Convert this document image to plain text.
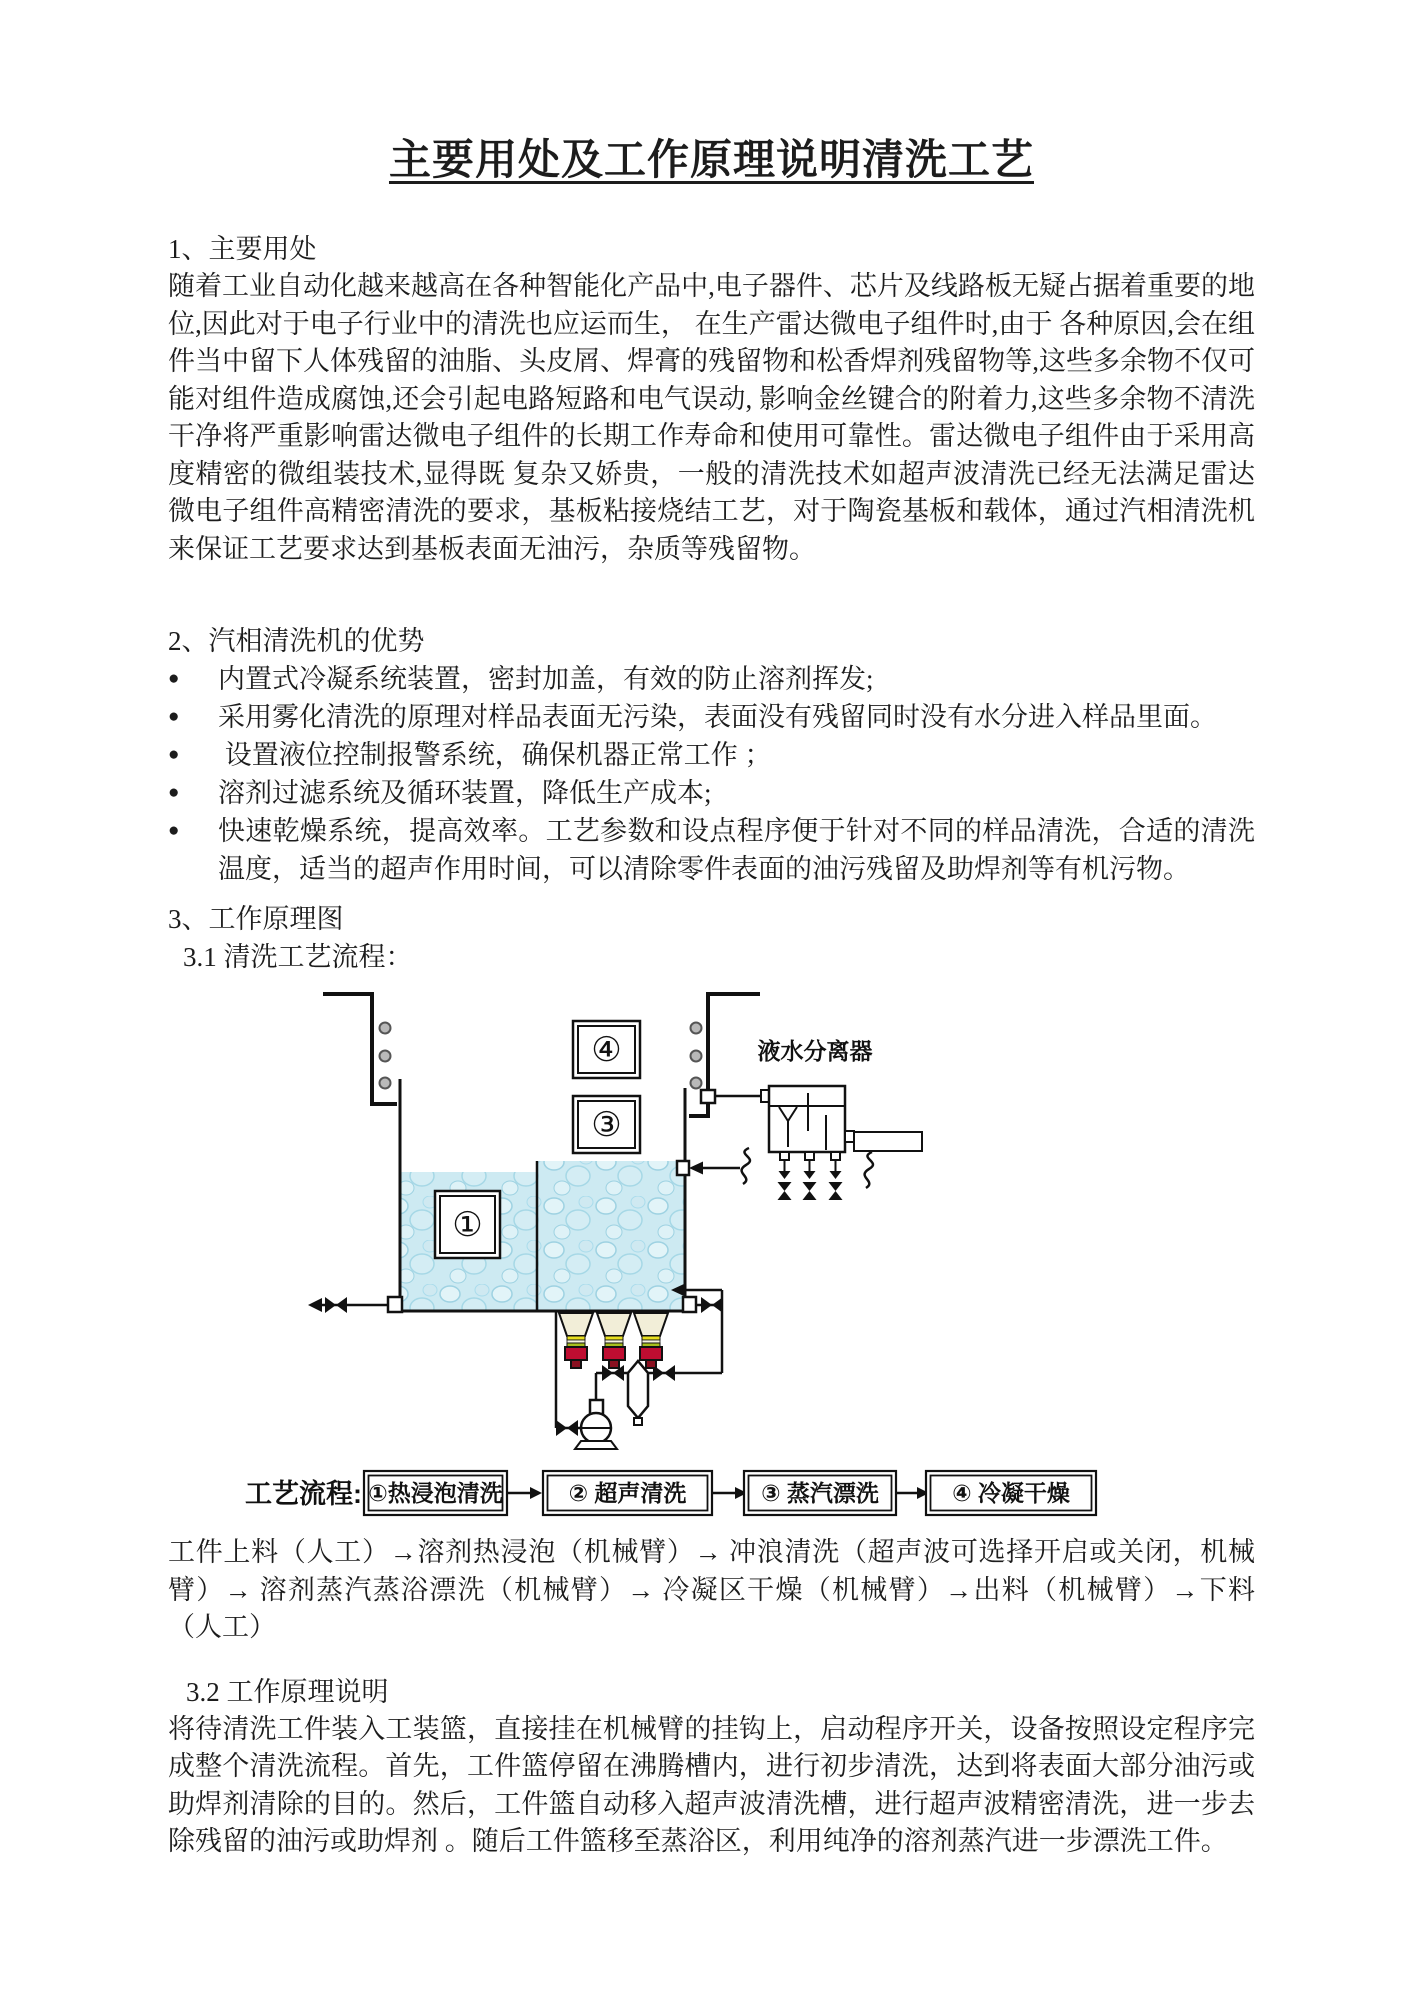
主要用处及工作原理说明清洗工艺
1、主要用处

随着工业自动化越来越高在各种智能化产品中,电子器件、芯片及线路板无疑占据着重要的地位,因此对于电子行业中的清洗也应运而生， 在生产雷达微电子组件时,由于 各种原因,会在组件当中留下人体残留的油脂、头皮屑、焊膏的残留物和松香焊剂残留物等,这些多余物不仅可能对组件造成腐蚀,还会引起电路短路和电气误动, 影响金丝键合的附着力,这些多余物不清洗干净将严重影响雷达微电子组件的长期工作寿命和使用可靠性。雷达微电子组件由于采用高度精密的微组装技术,显得既 复杂又娇贵，一般的清洗技术如超声波清洗已经无法满足雷达微电子组件高精密清洗的要求，基板粘接烧结工艺，对于陶瓷基板和载体，通过汽相清洗机来保证工艺要求达到基板表面无油污，杂质等残留物。

2、汽相清洗机的优势
● 内置式冷凝系统装置，密封加盖，有效的防止溶剂挥发;
● 采用雾化清洗的原理对样品表面无污染，表面没有残留同时没有水分进入样品里面。
● 设置液位控制报警系统，确保机器正常工作 ；
● 溶剂过滤系统及循环装置，降低生产成本;
● 快速乾燥系统，提高效率。工艺参数和设点程序便于针对不同的样品清洗，合适的清洗温度，适当的超声作用时间，可以清除零件表面的油污残留及助焊剂等有机污物。
3、工作原理图
3.1 清洗工艺流程：
④
③
①
液水分离器
工艺流程: ①热浸泡清洗	② 超声清洗	③ 蒸汽漂洗	④ 冷凝干燥

工件上料（人工）→溶剂热浸泡（机械臂）→ 冲浪清洗（超声波可选择开启或关闭，机械臂）→ 溶剂蒸汽蒸浴漂洗（机械臂）→ 冷凝区干燥（机械臂）→出料（机械臂）→下料（人工）

3.2 工作原理说明

将待清洗工件装入工装篮，直接挂在机械臂的挂钩上，启动程序开关，设备按照设定程序完成整个清洗流程。首先，工件篮停留在沸腾槽内，进行初步清洗，达到将表面大部分油污或助焊剂清除的目的。然后，工件篮自动移入超声波清洗槽，进行超声波精密清洗，进一步去除残留的油污或助焊剂 。随后工件篮移至蒸浴区，利用纯净的溶剂蒸汽进一步漂洗工件。
